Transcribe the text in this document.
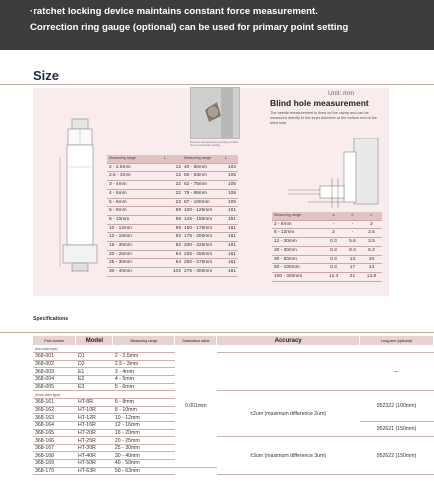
·ratchet locking device maintains constant force measurement.
Correction ring gauge (optional) can be used for primary point setting
Size
Unit: mm
Measuring range	L
2 - 2.5mm	12
2.5 - 3mm	12
3 - 4mm	22
4 - 5mm	22
5 - 6mm	22
6 - 8mm	59
8 - 10mm	59
10 - 12mm	59
12 - 16mm	82
16 - 20mm	82
20 - 25mm	94
25 - 30mm	94
30 - 40mm	102
Precision locking ratchet providing constant force and accurate reading
Measuring range	L
40 - 50mm	102
50 - 63mm	105
62 - 75mm	105
75 - 88mm	105
87 - 100mm	105
100 - 125mm	161
125 - 150mm	161
150 - 175mm	161
175 - 200mm	161
200 - 225mm	161
225 - 250mm	161
250 - 275mm	161
275 - 300mm	161
Blind hole measurement
The needle measurement is fixed on the clamp and can be measured directly to the inner diameter at the bottom end of the blind hole.
Measuring range	a	b	c
2 - 6mm	-	-	2
6 - 12mm	2	-	2.5
12 - 20mm	0.3	5.6	3.5
20 - 30mm	0.3	8.3	5.2
30 - 50mm	0.3	13	10
50 - 100mm	0.3	17	14
100 - 300mm	12.4	21	13.8
Specifications
Part number	Model	Measuring range	Graduation value	Accuracy	Long-arm (optional)
(two-claw type)			0.001mm		
368-001	D1	2 - 2.5mm			—
368-002	D2	2.5 - 3mm			
368-003	E1	3 - 4mm			
368-004	E2	4 - 5mm			
368-005	E3	5 - 6mm			
(three-claw type)				±2um (maximum difference 2um)	952322 (100mm)
368-161	HT-8R	6 - 8mm			
368-162	HT-10R	8 - 10mm			
368-163	HT-12R	10 - 12mm			
368-164	HT-16R	12 - 16mm			952621 (150mm)
368-165	HT-20R	16 - 20mm			
368-166	HT-25R	20 - 25mm		±3um (maximum difference 3um)	952622 (150mm)
368-167	HT-30R	25 - 30mm			
368-168	HT-40R	30 - 40mm			
368-169	HT-50R	40 - 50mm			
368-170	HT-63R	50 - 63mm			
